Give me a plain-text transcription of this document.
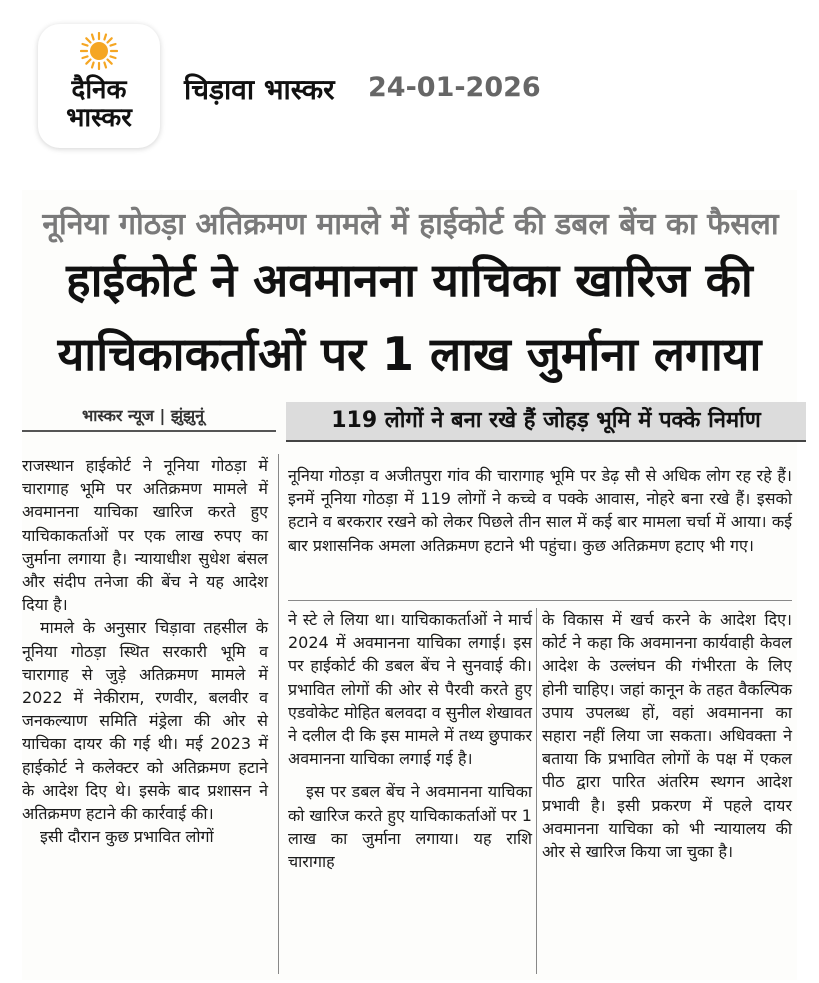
दैनिक
भास्कर
चिड़ावा भास्कर 24-01-2026
नूनिया गोठड़ा अतिक्रमण मामले में हाईकोर्ट की डबल बेंच का फैसला
हाईकोर्ट ने अवमानना याचिका खारिज की
याचिकाकर्ताओं पर 1 लाख जुर्माना लगाया
भास्कर न्यूज | झुंझुनूं	119 लोगों ने बना रखे हैं जोहड़ भूमि में पक्के निर्माण

राजस्थान हाईकोर्ट ने नूनिया गोठड़ा में चारागाह भूमि पर अतिक्रमण मामले में अवमानना याचिका खारिज करते हुए याचिकाकर्ताओं पर एक लाख रुपए का जुर्माना लगाया है। न्यायाधीश सुधेश बंसल और संदीप तनेजा की बेंच ने यह आदेश दिया है।

मामले के अनुसार चिड़ावा तहसील के नूनिया गोठड़ा स्थित सरकारी भूमि व चारागाह से जुड़े अतिक्रमण मामले में 2022 में नेकीराम, रणवीर, बलवीर व जनकल्याण समिति मंड्रेला की ओर से याचिका दायर की गई थी। मई 2023 में हाईकोर्ट ने कलेक्टर को अतिक्रमण हटाने के आदेश दिए थे। इसके बाद प्रशासन ने अतिक्रमण हटाने की कार्रवाई की।

इसी दौरान कुछ प्रभावित लोगों

नूनिया गोठड़ा व अजीतपुरा गांव की चारागाह भूमि पर डेढ़ सौ से अधिक लोग रह रहे हैं। इनमें नूनिया गोठड़ा में 119 लोगों ने कच्चे व पक्के आवास, नोहरे बना रखे हैं। इसको हटाने व बरकरार रखने को लेकर पिछले तीन साल में कई बार मामला चर्चा में आया। कई बार प्रशासनिक अमला अतिक्रमण हटाने भी पहुंचा। कुछ अतिक्रमण हटाए भी गए।

ने स्टे ले लिया था। याचिकाकर्ताओं ने मार्च 2024 में अवमानना याचिका लगाई। इस पर हाईकोर्ट की डबल बेंच ने सुनवाई की। प्रभावित लोगों की ओर से पैरवी करते हुए एडवोकेट मोहित बलवदा व सुनील शेखावत ने दलील दी कि इस मामले में तथ्य छुपाकर अवमानना याचिका लगाई गई है।

इस पर डबल बेंच ने अवमानना याचिका को खारिज करते हुए याचिकाकर्ताओं पर 1 लाख का जुर्माना लगाया। यह राशि चारागाह

के विकास में खर्च करने के आदेश दिए। कोर्ट ने कहा कि अवमानना कार्यवाही केवल आदेश के उल्लंघन की गंभीरता के लिए होनी चाहिए। जहां कानून के तहत वैकल्पिक उपाय उपलब्ध हों, वहां अवमानना का सहारा नहीं लिया जा सकता। अधिवक्ता ने बताया कि प्रभावित लोगों के पक्ष में एकल पीठ द्वारा पारित अंतरिम स्थगन आदेश प्रभावी है। इसी प्रकरण में पहले दायर अवमानना याचिका को भी न्यायालय की ओर से खारिज किया जा चुका है।
